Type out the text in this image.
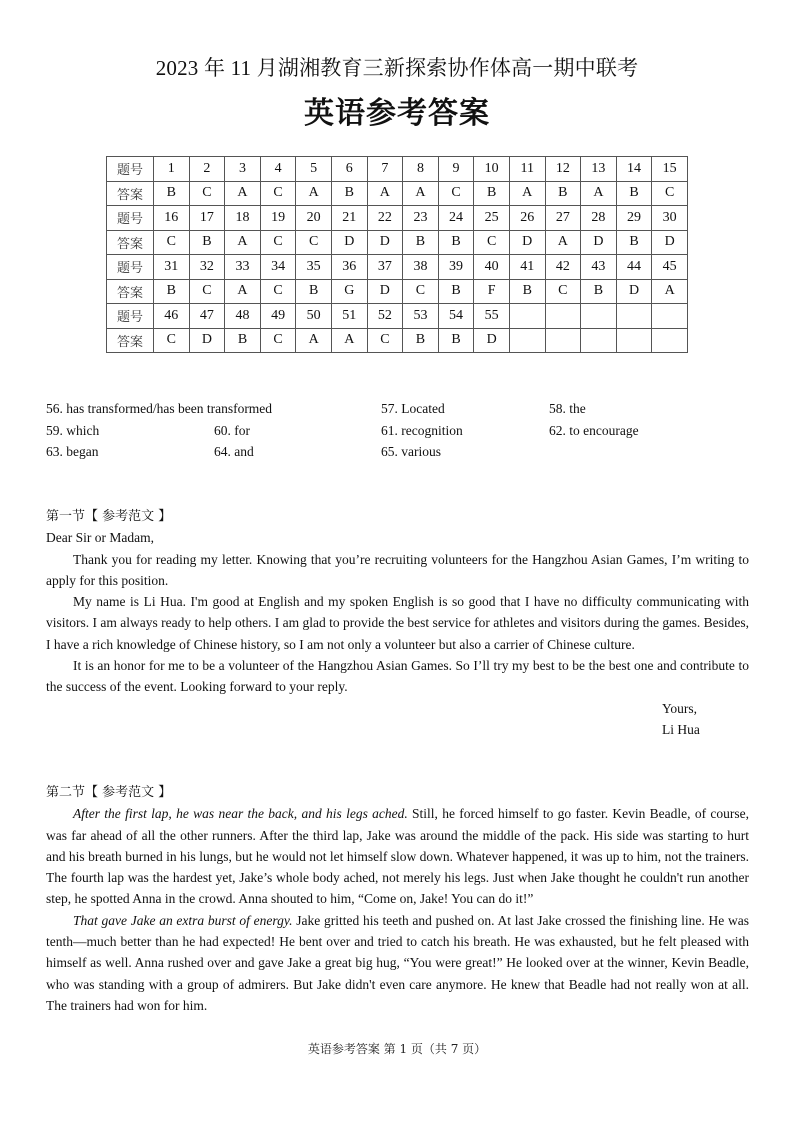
2023 年 11 月湖湘教育三新探索协作体高一期中联考
英语参考答案
题号	1	2	3	4	5	6	7	8	9	10	11	12	13	14	15
答案	B	C	A	C	A	B	A	A	C	B	A	B	A	B	C
题号	16	17	18	19	20	21	22	23	24	25	26	27	28	29	30
答案	C	B	A	C	C	D	D	B	B	C	D	A	D	B	D
题号	31	32	33	34	35	36	37	38	39	40	41	42	43	44	45
答案	B	C	A	C	B	G	D	C	B	F	B	C	B	D	A
题号	46	47	48	49	50	51	52	53	54	55					
答案	C	D	B	C	A	A	C	B	B	D					
56. has transformed/has been transformed	57. Located	58. the
59. which	60. for	61. recognition	62. to encourage
63. began	64. and	65. various

第一节【 参考范文 】

Dear Sir or Madam,

Thank you for reading my letter. Knowing that you’re recruiting volunteers for the Hangzhou Asian Games, I’m writing to apply for this position.

My name is Li Hua. I'm good at English and my spoken English is so good that I have no difficulty communicating with visitors. I am always ready to help others. I am glad to provide the best service for athletes and visitors during the games. Besides, I have a rich knowledge of Chinese history, so I am not only a volunteer but also a carrier of Chinese culture.

It is an honor for me to be a volunteer of the Hangzhou Asian Games. So I’ll try my best to be the best one and contribute to the success of the event. Looking forward to your reply.

Yours,

Li Hua

第二节【 参考范文 】

After the first lap, he was near the back, and his legs ached. Still, he forced himself to go faster. Kevin Beadle, of course, was far ahead of all the other runners. After the third lap, Jake was around the middle of the pack. His side was starting to hurt and his breath burned in his lungs, but he would not let himself slow down. Whatever happened, it was up to him, not the trainers. The fourth lap was the hardest yet, Jake’s whole body ached, not merely his legs. Just when Jake thought he couldn't run another step, he spotted Anna in the crowd. Anna shouted to him, “Come on, Jake! You can do it!”

That gave Jake an extra burst of energy. Jake gritted his teeth and pushed on. At last Jake crossed the finishing line. He was tenth—much better than he had expected! He bent over and tried to catch his breath. He was exhausted, but he felt pleased with himself as well. Anna rushed over and gave Jake a great big hug, “You were great!” He looked over at the winner, Kevin Beadle, who was standing with a group of admirers. But Jake didn't even care anymore. He knew that Beadle had not really won at all. The trainers had won for him.

英语参考答案 第 1 页（共 7 页）
